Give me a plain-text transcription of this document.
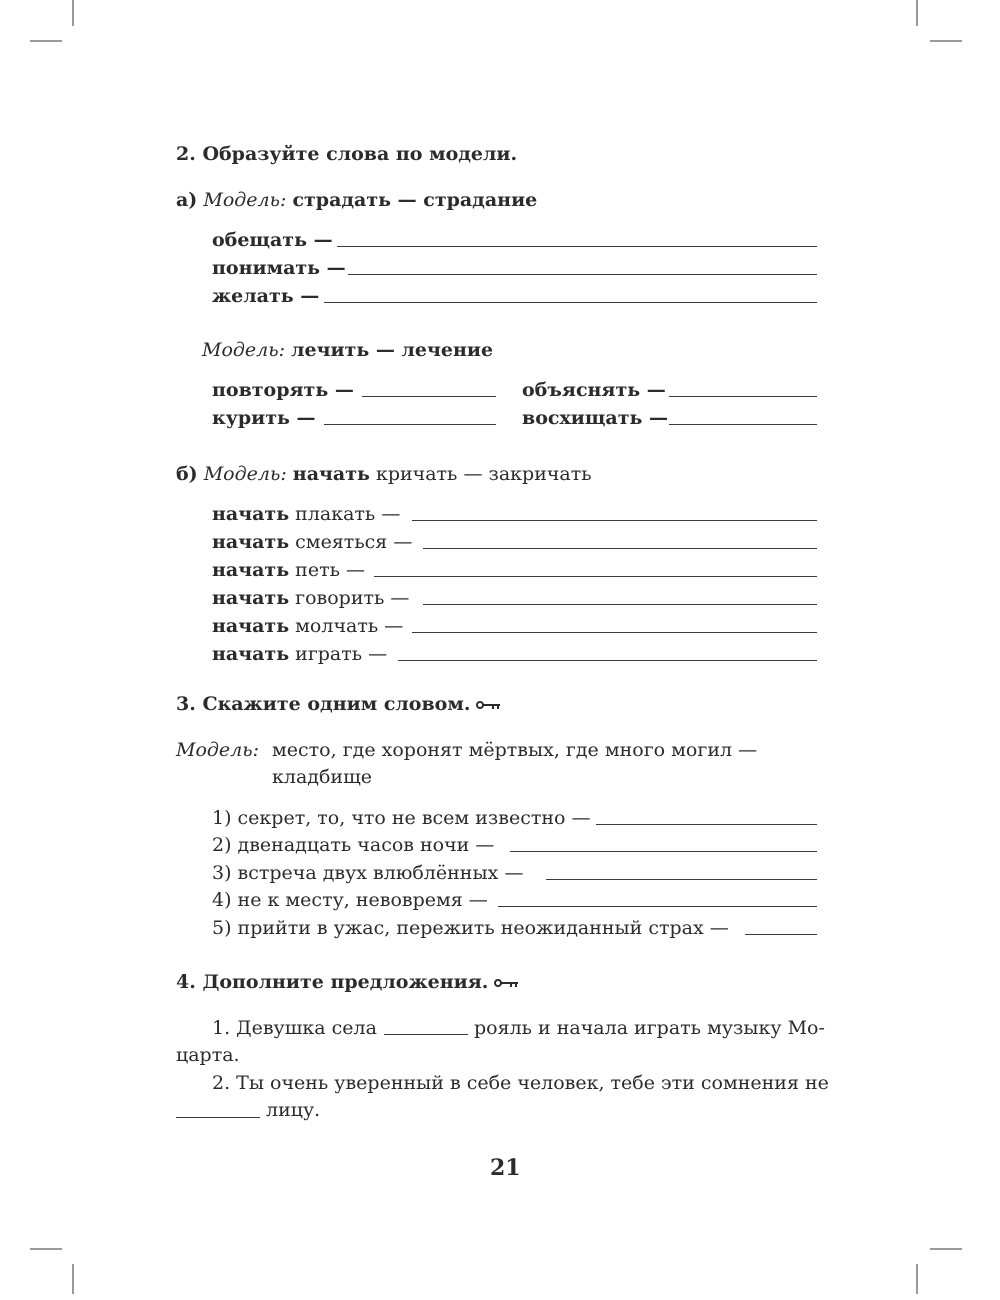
2. Образуйте слова по модели.
а) Модель: страдать — страдание
обещать —
понимать —
желать —
Модель: лечить — лечение
повторять —	объяснять —
курить —	восхищать —
б) Модель: начать кричать — закричать
начать плакать —
начать смеяться —
начать петь —
начать говорить —
начать молчать —
начать играть —
3. Скажите одним словом.
Модель: место, где хоронят мёртвых, где много могил —
кладбище
1) секрет, то, что не всем известно —
2) двенадцать часов ночи —
3) встреча двух влюблённых —
4) не к месту, невовремя —
5) прийти в ужас, пережить неожиданный страх —
4. Дополните предложения.
1. Девушка села	рояль и начала играть музыку Мо-
царта.
2. Ты очень уверенный в себе человек, тебе эти сомнения не
лицу.
21
